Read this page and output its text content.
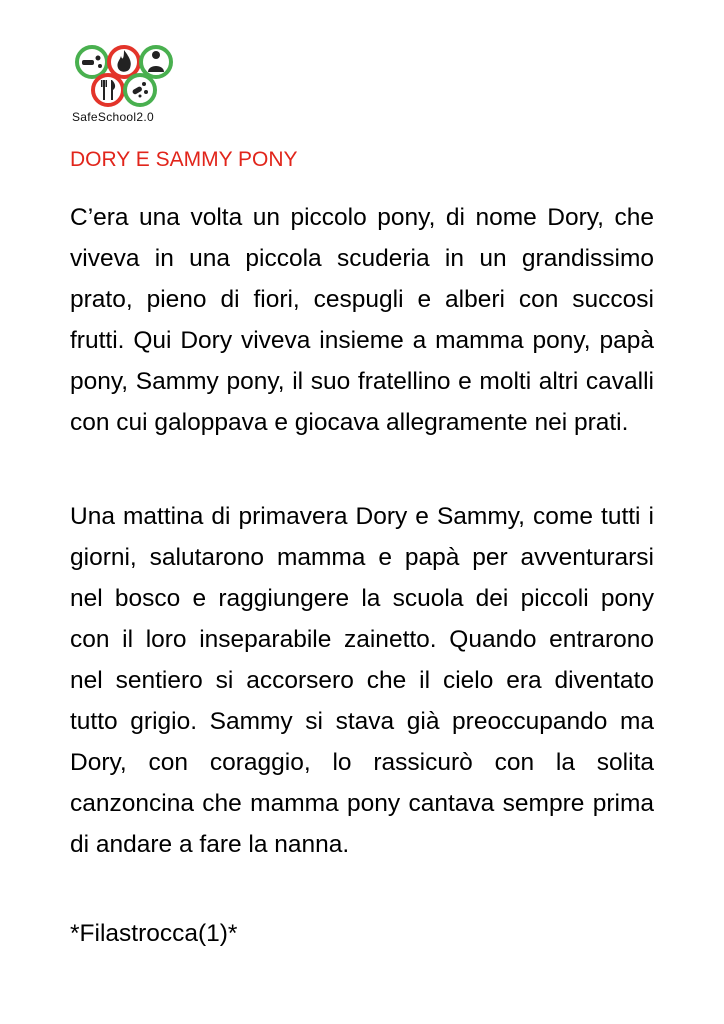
SafeSchool2.0
DORY E SAMMY PONY

C’era una volta un piccolo pony, di nome Dory, che viveva in una piccola scuderia in un grandissimo prato, pieno di fiori, cespugli e alberi con succosi frutti. Qui Dory viveva insieme a mamma pony, papà pony, Sammy pony, il suo fratellino e molti altri cavalli con cui galoppava e giocava allegramente nei prati.

Una mattina di primavera Dory e Sammy, come tutti i giorni, salutarono mamma e papà per avventurarsi nel bosco e raggiungere la scuola dei piccoli pony con il loro inseparabile zainetto. Quando entrarono nel sentiero si accorsero che il cielo era diventato tutto grigio. Sammy si stava già preoccupando ma Dory, con coraggio, lo rassicurò con la solita canzoncina che mamma pony cantava sempre prima di andare a fare la nanna.

*Filastrocca(1)*
